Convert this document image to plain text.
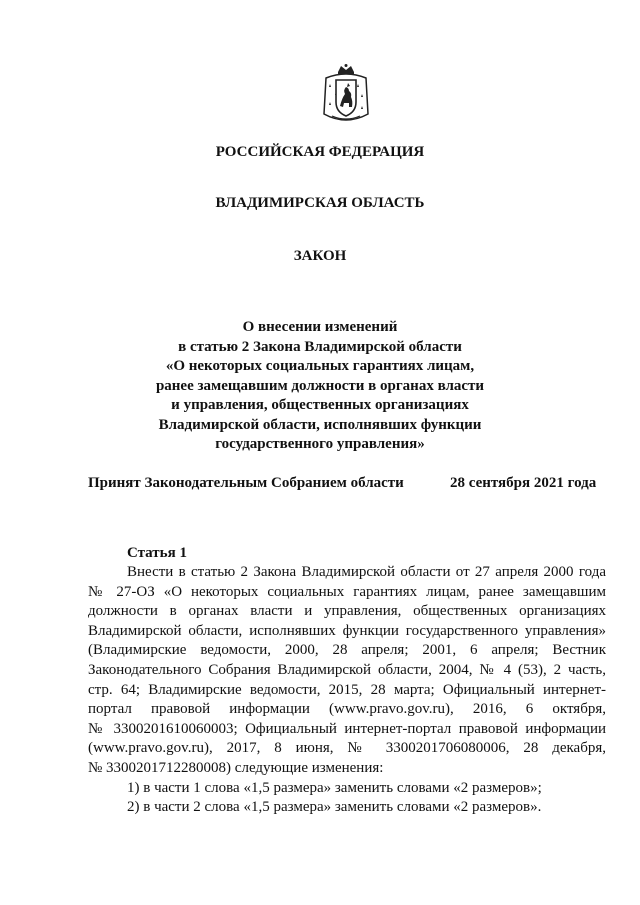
РОССИЙСКАЯ ФЕДЕРАЦИЯ
ВЛАДИМИРСКАЯ ОБЛАСТЬ
ЗАКОН
О внесении изменений
в статью 2 Закона Владимирской области
«О некоторых социальных гарантиях лицам,
ранее замещавшим должности в органах власти
и управления, общественных организациях
Владимирской области, исполнявших функции
государственного управления»
Принят Законодательным Собранием области	28 сентября 2021 года
Статья 1
Внести в статью 2 Закона Владимирской области от 27 апреля 2000 года
№ 27-ОЗ «О некоторых социальных гарантиях лицам, ранее замещавшим
должности в органах власти и управления, общественных организациях
Владимирской области, исполнявших функции государственного управления»
(Владимирские ведомости, 2000, 28 апреля; 2001, 6 апреля; Вестник
Законодательного Собрания Владимирской области, 2004, № 4 (53), 2 часть,
стр. 64; Владимирские ведомости, 2015, 28 марта; Официальный интернет-
портал правовой информации (www.pravo.gov.ru), 2016, 6 октября,
№ 3300201610060003; Официальный интернет-портал правовой информации
(www.pravo.gov.ru), 2017, 8 июня, № 3300201706080006, 28 декабря,
№ 3300201712280008) следующие изменения:
1) в части 1 слова «1,5 размера» заменить словами «2 размеров»;
2) в части 2 слова «1,5 размера» заменить словами «2 размеров».
